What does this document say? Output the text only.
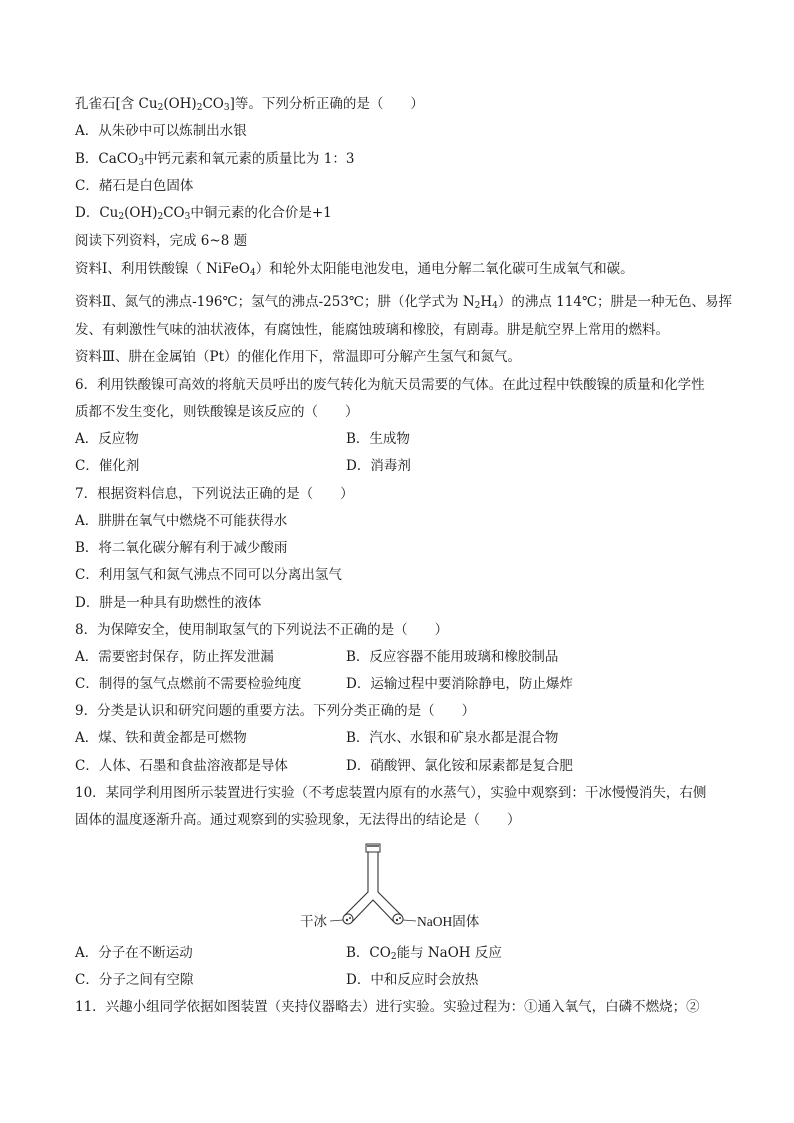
孔雀石[含 $Cu_2(OH)_2CO_3$]等。下列分析正确的是（　　）
A．从朱砂中可以炼制出水银
B．CaCO$_3$中钙元素和氧元素的质量比为 1：3
C．赭石是白色固体
D．$Cu_2(OH)_2CO_3$中铜元素的化合价是+1
阅读下列资料，完成 6~8 题
资料Ⅰ、利用铁酸镍（ NiFeO$_4$）和轮外太阳能电池发电，通电分解二氧化碳可生成氧气和碳。
资料Ⅱ、氮气的沸点-196℃；氢气的沸点-253℃；肼（化学式为 $N_2H_4$）的沸点 114℃；肼是一种无色、易挥
发、有刺激性气味的油状液体，有腐蚀性，能腐蚀玻璃和橡胶，有剧毒。肼是航空界上常用的燃料。
资料Ⅲ、肼在金属铂（Pt）的催化作用下，常温即可分解产生氢气和氮气。
6．利用铁酸镍可高效的将航天员呼出的废气转化为航天员需要的气体。在此过程中铁酸镍的质量和化学性
质都不发生变化，则铁酸镍是该反应的（　　）
A．反应物	B．生成物
C．催化剂	D．消毒剂
7．根据资料信息，下列说法正确的是（　　）
A．肼肼在氧气中燃烧不可能获得水
B．将二氧化碳分解有利于减少酸雨
C．利用氢气和氮气沸点不同可以分离出氢气
D．肼是一种具有助燃性的液体
8．为保障安全，使用制取氢气的下列说法不正确的是（　　）
A．需要密封保存，防止挥发泄漏	B．反应容器不能用玻璃和橡胶制品
C．制得的氢气点燃前不需要检验纯度	D．运输过程中要消除静电，防止爆炸
9．分类是认识和研究问题的重要方法。下列分类正确的是（　　）
A．煤、铁和黄金都是可燃物	B．汽水、水银和矿泉水都是混合物
C．人体、石墨和食盐溶液都是导体	D．硝酸钾、氯化铵和尿素都是复合肥
10．某同学利用图所示装置进行实验（不考虑装置内原有的水蒸气），实验中观察到：干冰慢慢消失，右侧
固体的温度逐渐升高。通过观察到的实验现象，无法得出的结论是（　　）
干冰	NaOH固体
A．分子在不断运动	B．$CO_2$能与 NaOH 反应
C．分子之间有空隙	D．中和反应时会放热
11．兴趣小组同学依据如图装置（夹持仪器略去）进行实验。实验过程为：①通入氧气，白磷不燃烧；②
